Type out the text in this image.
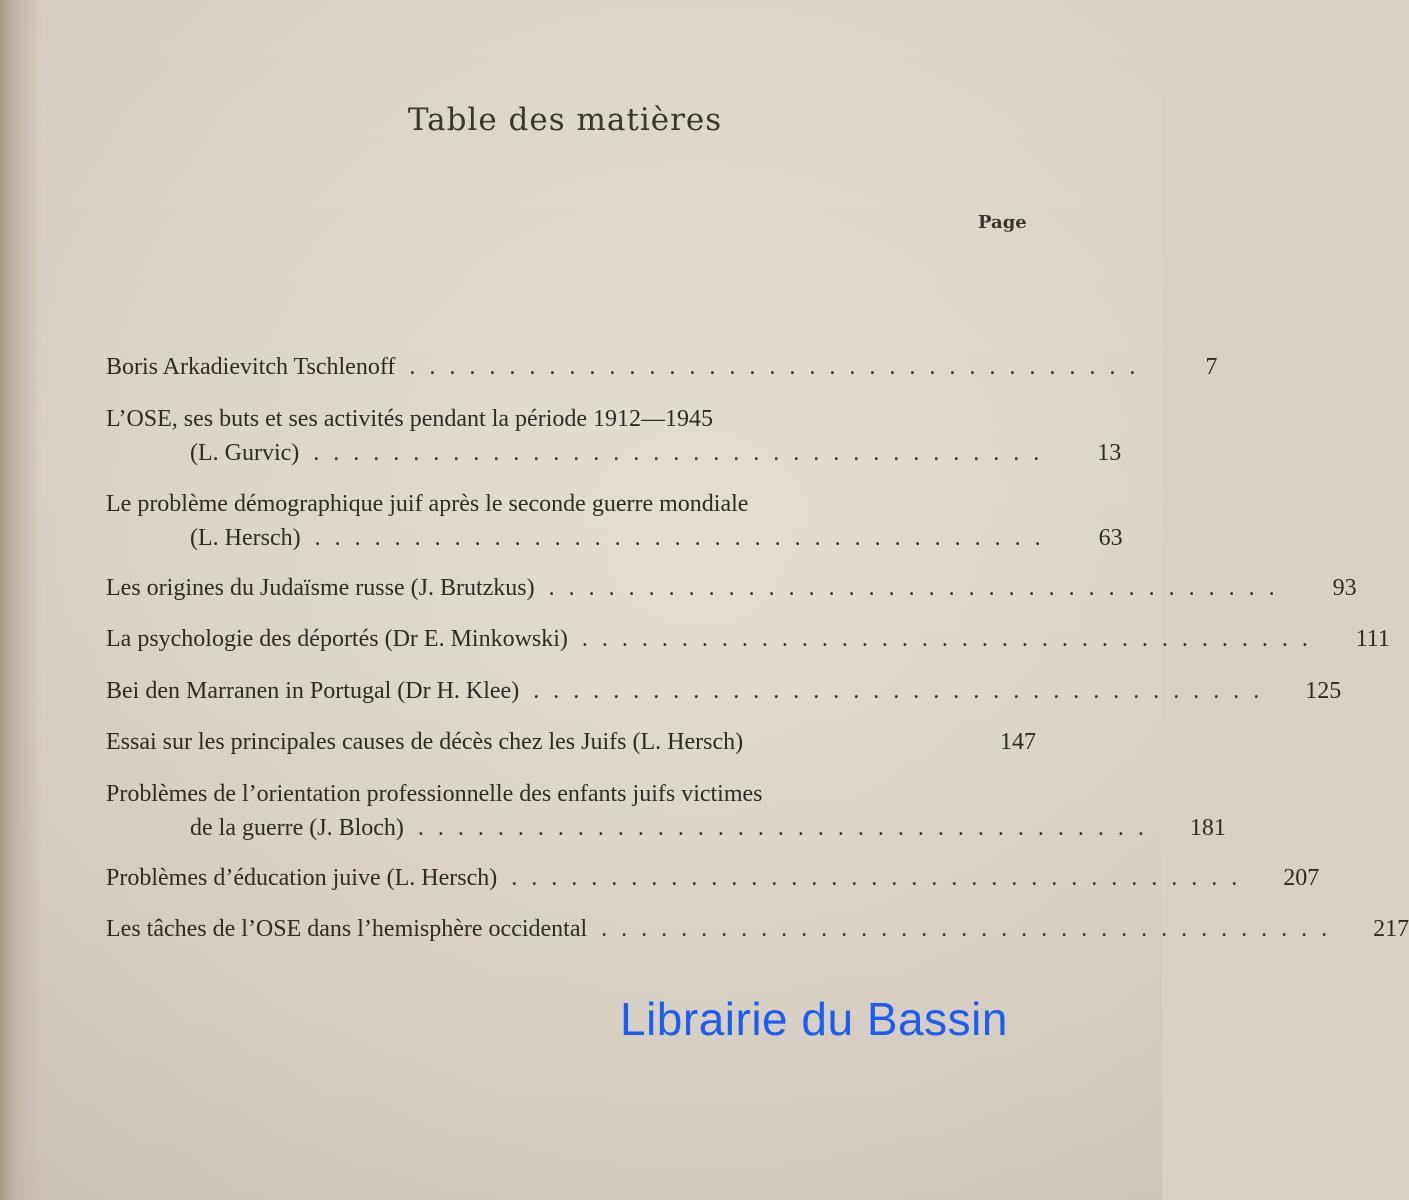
Table des matières
Page
Boris Arkadievitch Tschlenoff .....................................	7
L’OSE, ses buts et ses activités pendant la période 1912—1945
(L. Gurvic) .....................................	13
Le problème démographique juif après le seconde guerre mondiale
(L. Hersch) .....................................	63
Les origines du Judaïsme russe (J. Brutzkus) .....................................	93
La psychologie des déportés (Dr E. Minkowski) .....................................	111
Bei den Marranen in Portugal (Dr H. Klee) .....................................	125
Essai sur les principales causes de décès chez les Juifs (L. Hersch)	147
Problèmes de l’orientation professionnelle des enfants juifs victimes
de la guerre (J. Bloch) .....................................	181
Problèmes d’éducation juive (L. Hersch) .....................................	207
Les tâches de l’OSE dans l’hemisphère occidental .....................................	217
Librairie du Bassin
